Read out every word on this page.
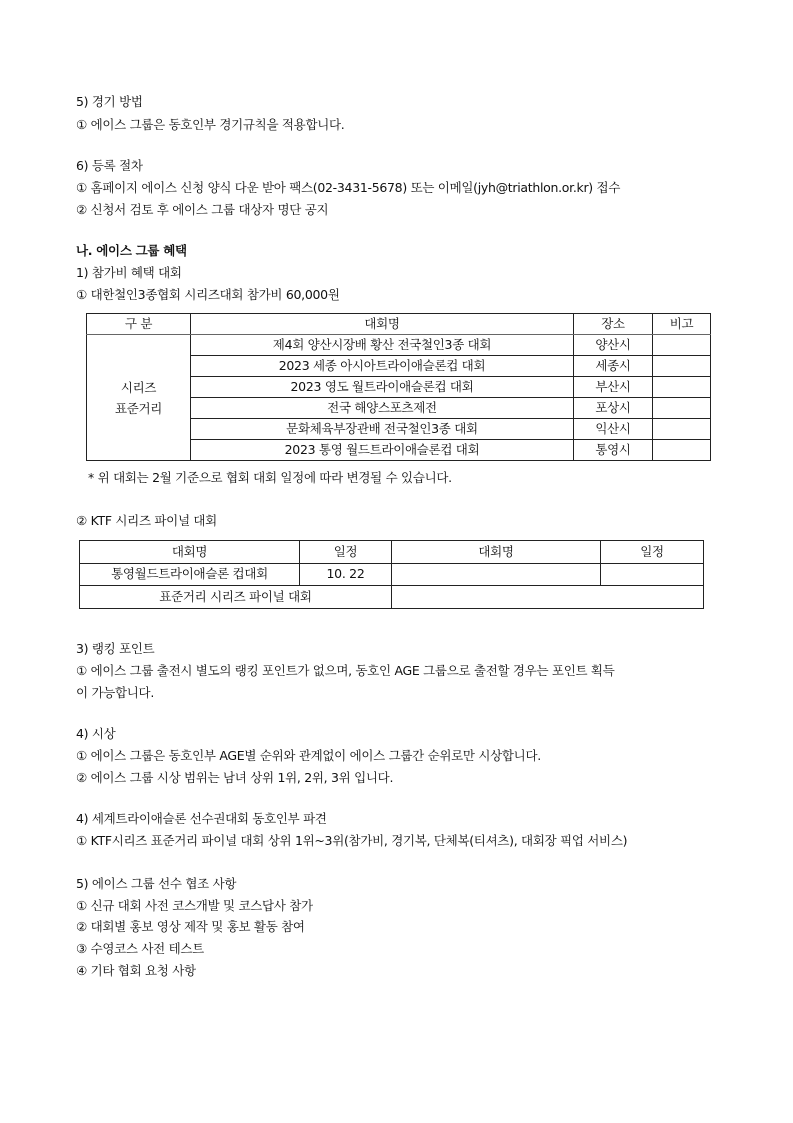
5) 경기 방법
① 에이스 그룹은 동호인부 경기규칙을 적용합니다.
6) 등록 절차
① 홈페이지 에이스 신청 양식 다운 받아 팩스(02-3431-5678) 또는 이메일(jyh@triathlon.or.kr) 접수
② 신청서 검토 후 에이스 그룹 대상자 명단 공지
나. 에이스 그룹 혜택
1) 참가비 혜택 대회
① 대한철인3종협회 시리즈대회 참가비 60,000원
구 분	대회명	장소	비고

시리즈
표준거리	제4회 양산시장배 황산 전국철인3종 대회	양산시	
	2023 세종 아시아트라이애슬론컵 대회	세종시	
	2023 영도 월트라이애슬론컵 대회	부산시	
	전국 해양스포츠제전	포상시	
	문화체육부장관배 전국철인3종 대회	익산시	
	2023 통영 월드트라이애슬론컵 대회	통영시	
* 위 대회는 2월 기준으로 협회 대회 일정에 따라 변경될 수 있습니다.
② KTF 시리즈 파이널 대회
대회명	일정	대회명	일정
통영월드트라이애슬론 컵대회	10. 22		
표준거리 시리즈 파이널 대회			
3) 랭킹 포인트
① 에이스 그룹 출전시 별도의 랭킹 포인트가 없으며, 동호인 AGE 그룹으로 출전할 경우는 포인트 획득
이 가능합니다.
4) 시상
① 에이스 그룹은 동호인부 AGE별 순위와 관계없이 에이스 그룹간 순위로만 시상합니다.
② 에이스 그룹 시상 범위는 남녀 상위 1위, 2위, 3위 입니다.
4) 세계트라이애슬론 선수권대회 동호인부 파견
① KTF시리즈 표준거리 파이널 대회 상위 1위~3위(참가비, 경기복, 단체복(티셔츠), 대회장 픽업 서비스)
5) 에이스 그룹 선수 협조 사항
① 신규 대회 사전 코스개발 및 코스답사 참가
② 대회별 홍보 영상 제작 및 홍보 활동 참여
③ 수영코스 사전 테스트
④ 기타 협회 요청 사항
